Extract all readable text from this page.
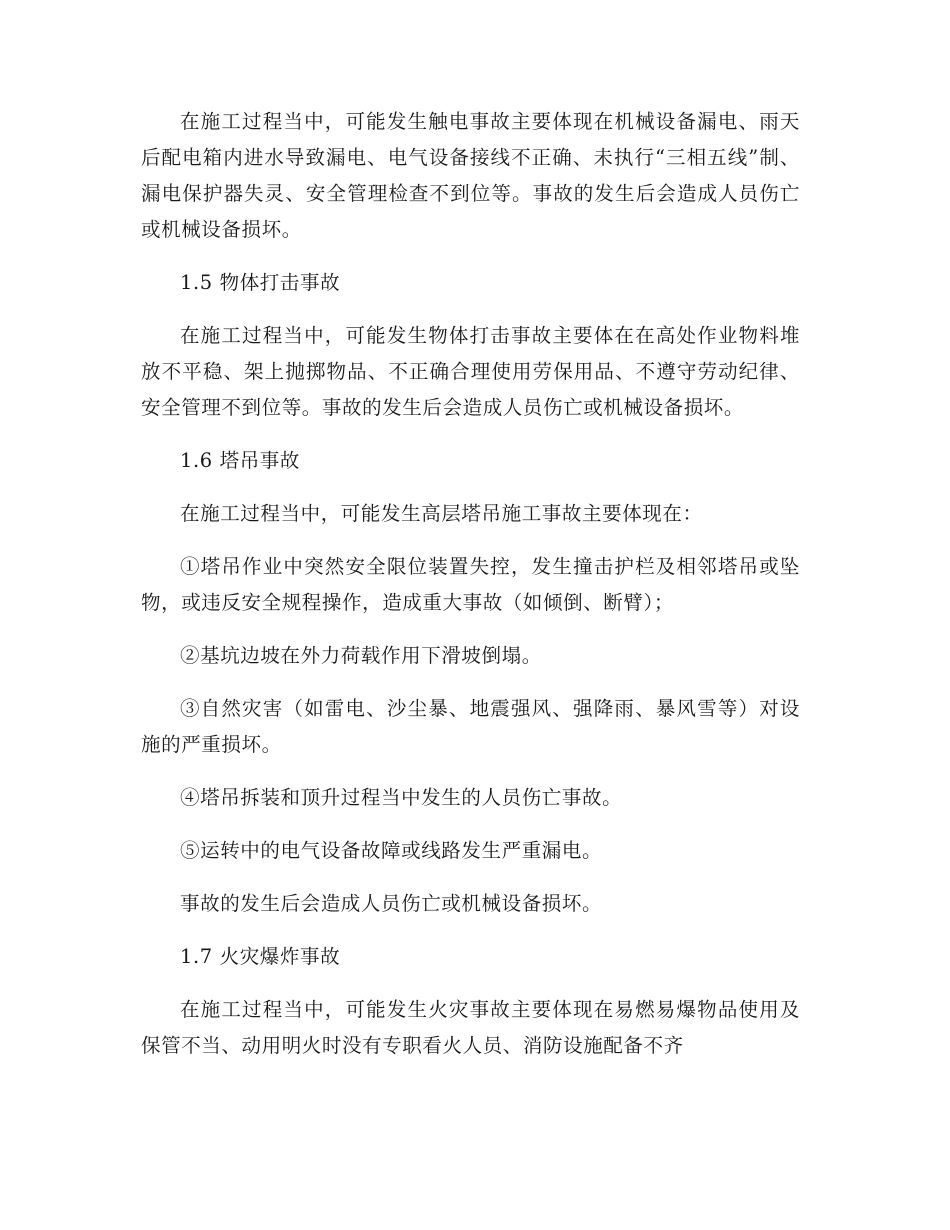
在施工过程当中，可能发生触电事故主要体现在机械设备漏电、雨天后配电箱内进水导致漏电、电气设备接线不正确、未执行“三相五线”制、漏电保护器失灵、安全管理检查不到位等。事故的发生后会造成人员伤亡或机械设备损坏。

1.5 物体打击事故

在施工过程当中，可能发生物体打击事故主要体在在高处作业物料堆放不平稳、架上抛掷物品、不正确合理使用劳保用品、不遵守劳动纪律、安全管理不到位等。事故的发生后会造成人员伤亡或机械设备损坏。

1.6 塔吊事故

在施工过程当中，可能发生高层塔吊施工事故主要体现在：

①塔吊作业中突然安全限位装置失控，发生撞击护栏及相邻塔吊或坠物，或违反安全规程操作，造成重大事故（如倾倒、断臂）；

②基坑边坡在外力荷载作用下滑坡倒塌。

③自然灾害（如雷电、沙尘暴、地震强风、强降雨、暴风雪等）对设施的严重损坏。

④塔吊拆装和顶升过程当中发生的人员伤亡事故。

⑤运转中的电气设备故障或线路发生严重漏电。

事故的发生后会造成人员伤亡或机械设备损坏。

1.7 火灾爆炸事故

在施工过程当中，可能发生火灾事故主要体现在易燃易爆物品使用及保管不当、动用明火时没有专职看火人员、消防设施配备不齐
